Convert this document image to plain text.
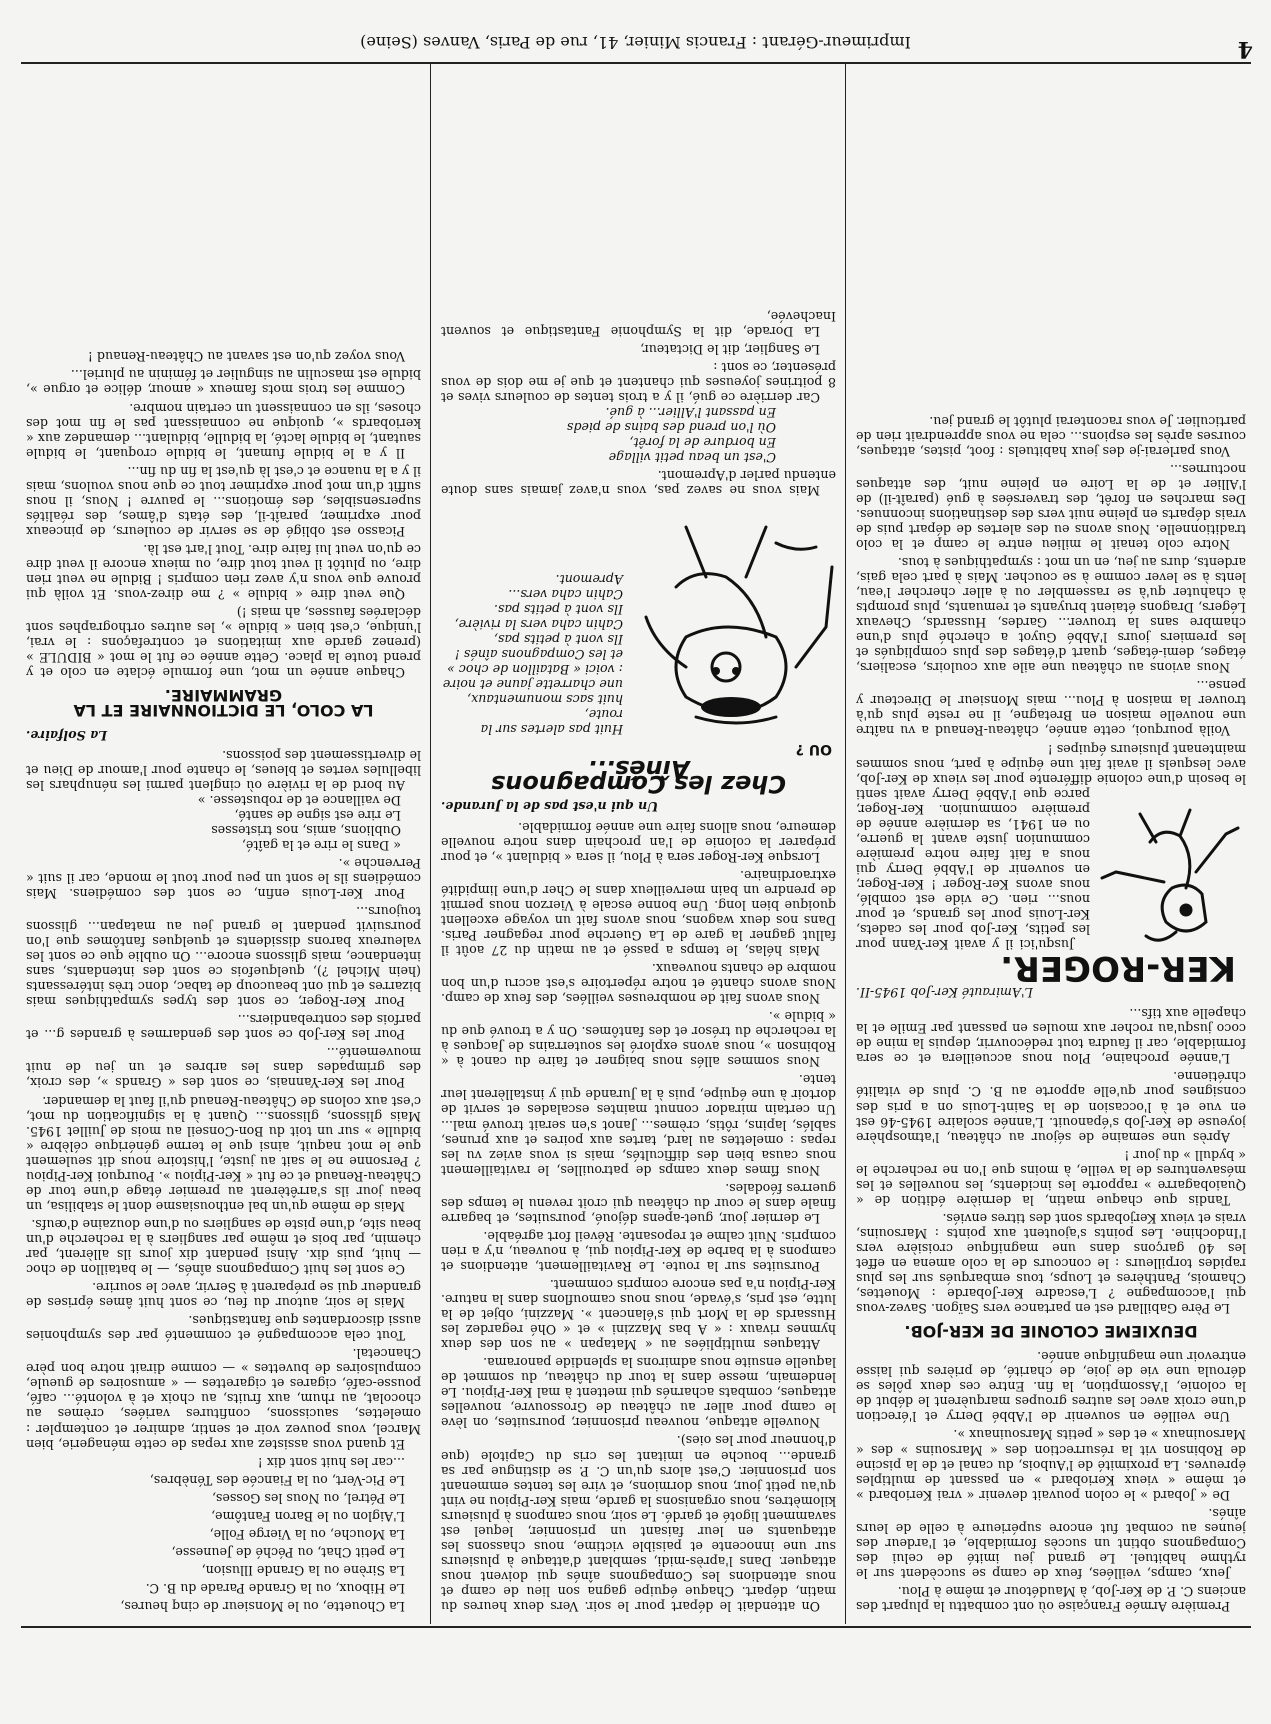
4

Première Armée Française où ont combattu la plupart des anciens C. P. de Ker-Job, à Maudétour et même à Plou.

Jeux, camps, veillées, feux de camp se succèdent sur le rythme habituel. Le grand jeu imité de celui des Compagnons obtint un succès formidable, et l'ardeur des jeunes au combat fut encore supérieure à celle de leurs aînés.

De « Jobard » le colon pouvait devenir « vrai Keriobard » et même « vieux Keriobard » en passant de multiples épreuves. La proximité de l'Aubois, du canal et de la piscine de Robinson vit la résurrection des « Marsouins » des « Marsouinaux » et des « petits Marsouinaux ».

Une veillée en souvenir de l'Abbé Derry et l'érection d'une croix avec les autres groupes marquèrent le début de la colonie, l'Assomption, la fin. Entre ces deux pôles se déroula une vie de joie, de charité, de prières qui laisse entrevoir une magnifique année.

DEUXIEME COLONIE DE KER-JOB.

Le Père Gabillard est en partance vers Saïgon. Savez-vous qui l'accompagne ? L'escadre Ker-Jobarde : Mouettes, Chamois, Panthères et Loups, tous embarqués sur les plus rapides torpilleurs : le concours de la colo amena en effet les 40 garçons dans une magnifique croisière vers l'Indochine. Les points s'ajoutent aux points : Marsouins, vrais et vieux Kerjobards sont des titres enviés.

Tandis que chaque matin, la dernière édition de « Quaiobagarre » rapporte les incidents, les nouvelles et les mésaventures de la veille, à moins que l'on ne recherche le « bydull » du jour !

Après une semaine de séjour au château, l'atmosphère joyeuse de Ker-Job s'épanouit. L'année scolaire 1945-46 est en vue et à l'occasion de la Saint-Louis on a pris des consignes pour qu'elle apporte au B. C. plus de vitalité chrétienne.

L'année prochaine, Plou nous accueillera et ce sera formidable, car il faudra tout redécouvrir, depuis la mine de coco jusqu'au rocher aux moules en passant par Emile et la chapelle aux tifs...

L'Amirauté Ker-Job 1945-II.
KER-ROGER.

Jusqu'ici il y avait Ker-Yann pour les petits, Ker-Job pour les cadets, Ker-Louis pour les grands, et pour nous... rien. Ce vide est comblé, nous avons Ker-Roger ! Ker-Roger, en souvenir de l'Abbé Derry qui nous a fait faire notre première communion juste avant la guerre, ou en 1941, sa dernière année de première communion. Ker-Roger, parce que l'Abbé Derry avait senti le besoin d'une colonie différente pour les vieux de Ker-Job, avec lesquels il avait fait une équipe à part, nous sommes maintenant plusieurs équipes !

Voilà pourquoi, cette année, château-Renaud a vu naître une nouvelle maison en Bretagne, il ne reste plus qu'à trouver la maison à Plou... mais Monsieur le Directeur y pense...

Nous avions au château une aile aux couloirs, escaliers, étages, demi-étages, quart d'étages des plus compliqués et les premiers jours l'Abbé Guyot a cherché plus d'une chambre sans la trouver... Gardes, Hussards, Chevaux Légers, Dragons étaient bruyants et remuants, plus prompts à chahuter qu'à se rassembler ou à aller chercher l'eau, lents à se lever comme à se coucher. Mais à part cela gais, ardents, durs au jeu, en un mot : sympathiques à tous.

Notre colo tenait le milieu entre le camp et la colo traditionnelle. Nous avons eu des alertes de départ puis de vrais départs en pleine nuit vers des destinations inconnues. Des marches en forêt, des traversées à gué (paraît-il) de l'Allier et de la Loire en pleine nuit, des attaques nocturnes...

Vous parlerai-je des jeux habituels : foot, pistes, attaques, courses après les espions... cela ne vous apprendrait rien de particulier. Je vous raconterai plutôt le grand jeu.

On attendait le départ pour le soir. Vers deux heures du matin, départ. Chaque équipe gagna son lieu de camp et nous attendions les Compagnons aînés qui doivent nous attaquer. Dans l'après-midi, semblant d'attaque à plusieurs sur une innocente et paisible victime, nous chassons les attaquants en leur faisant un prisonnier, lequel est savamment ligoté et gardé. Le soir, nous campons à plusieurs kilomètres, nous organisons la garde, mais Ker-Pipiou ne vint qu'au petit jour, nous dormions, et vire les tentes emmenant son prisonnier. C'est alors qu'un C. P. se distingue par sa grande... bouche en imitant les cris du Capitole (que d'honneur pour les oies).

Nouvelle attaque, nouveau prisonnier, poursuites, on lève le camp pour aller au château de Grossouvre, nouvelles attaques, combats acharnés qui mettent à mal Ker-Pipiou. Le lendemain, messe dans la tour du château, du sommet de laquelle ensuite nous admirons la splendide panorama.

Attaques multipliées au « Matapan » au son des deux hymnes rivaux : « A bas Mazzini » et « Ohé regardez les Hussards de la Mort qui s'élancent ». Mazzini, objet de la lutte, est pris, s'évade, nous nous camouflons dans la nature. Ker-Pipiou n'a pas encore compris comment.

Poursuites sur la route. Le Ravitaillement, attendions et campons à la barbe de Ker-Pipiou qui, à nouveau, n'y a rien compris. Nuit calme et reposante. Réveil fort agréable.

Le dernier jour, guet-apens déjoué, poursuites, et bagarre finale dans le cour du château qui croit revenu le temps des guerres féodales.

Nous fîmes deux camps de patrouilles, le ravitaillement nous causa bien des difficultés, mais si vous aviez vu les repas : omelettes au lard, tartes aux poires et aux prunes, sablés, lapins, rôtis, crèmes... Janot s'en serait trouvé mal... Un certain mirador connut maintes escalades et servit de dortoir à une équipe, puis à la Jurande qui y installèrent leur tente.

Nous sommes allés nous baigner et faire du canot à « Robinson », nous avons exploré les souterrains de Jacques à la recherche du trésor et des fantômes. On y a trouvé que du « bidule ».

Nous avons fait de nombreuses veillées, des feux de camp. Nous avons chanté et notre répertoire s'est accru d'un bon nombre de chants nouveaux.

Mais hélas, le temps a passé et au matin du 27 août il fallut gagner la gare de La Guerche pour regagner Paris. Dans nos deux wagons, nous avons fait un voyage excellent quoique bien long. Une bonne escale à Vierzon nous permit de prendre un bain merveilleux dans le Cher d'une limpidité extraordinaire.

Lorsque Ker-Roger sera à Plou, il sera « bidulant », et pour préparer la colonie de l'an prochain dans notre nouvelle demeure, nous allons faire une année formidable.

Un qui n'est pas de la Jurande.
Chez les Compagnons Aînés...
OU ?
Huit pas alertes sur la route,
huit sacs monumentaux, une charrette jaune et noire : voici « Bataillon de choc » et les Compagnons aînés !
Ils vont à petits pas,
Cahin caha vers la rivière,
Ils vont à petits pas.
Cahin caha vers... Apremont.

Mais vous ne savez pas, vous n'avez jamais sans doute entendu parler d'Apremont.

C'est un beau petit village
En bordure de la forêt,
Où l'on prend des bains de pieds
En passant l'Allier... à gué.

Car derrière ce gué, il y a trois tentes de couleurs vives et 8 poitrines joyeuses qui chantent et que je me dois de vous présenter, ce sont :

Le Sanglier, dit le Dictateur,

La Dorade, dit la Symphonie Fantastique et souvent Inachevée,

La Chouette, ou le Monsieur de cinq heures,

Le Hiboux, ou la Grande Parade du B. C.

La Sirène ou la Grande Illusion,

Le petit Chat, ou Péché de Jeunesse,

La Mouche, ou la Vierge Folle,

L'Aiglon ou le Baron Fantôme,

Le Pétrel, ou Nous les Gosses,

Le Pic-Vert, ou la Fiancée des Ténèbres,

...car les huit sont dix !

Et quand vous assistez aux repas de cette ménagerie, bien Marcel, vous pouvez voir et sentir, admirer et contempler : omelettes, saucissons, confitures variées, crèmes au chocolat, au rhum, aux fruits, au choix et à volonté... café, pousse-café, cigares et cigarettes — « amusoires de gueule, compulsoires de buvettes » — comme dirait notre bon père Chancetal.

Tout cela accompagné et commenté par des symphonies aussi discordantes que fantastiques.

Mais le soir, autour du feu, ce sont huit âmes éprises de grandeur qui se préparent à Servir, avec le sourire.

Ce sont les huit Compagnons aînés, — le bataillon de choc — huit, puis dix. Ainsi pendant dix jours ils allèrent, par chemin, par bois et même par sangliers à la recherche d'un beau site, d'une piste de sangliers ou d'une douzaine d'œufs.

Mais de même qu'un bal enthousiasme dont le stabilisa, un beau jour ils s'arrêtèrent au premier étage d'une tour de Château-Renaud et ce fut « Ker-Pipiou ». Pourquoi Ker-Pipiou ? Personne ne le sait au juste, l'histoire nous dit seulement que le mot naquit, ainsi que le terme générique célèbre « bidulle » sur un toit du Bon-Conseil au mois de Juillet 1945. Mais glissons, glissons... Quant à la signification du mot, c'est aux colons de Château-Renaud qu'il faut la demander.

Pour les Ker-Yannais, ce sont des « Grands », des croix, des grimpades dans les arbres et un jeu de nuit mouvementé...

Pour les Ker-Job ce sont des gendarmes à grandes g... et parfois des contrebandiers...

Pour Ker-Roger, ce sont des types sympathiques mais bizarres et qui ont beaucoup de tabac, donc très intéressants (hein Michel ?), quelquefois ce sont des intendants, sans intendance, mais glissons encore... On oublie que ce sont les valeureux barons dissidents et quelques fantômes que l'on poursuivit pendant le grand jeu au matapan... glissons toujours...

Pour Ker-Louis enfin, ce sont des comédiens. Mais comédiens ils le sont un peu pour tout le monde, car il suit « Pervenche ».

« Dans le rire et la gaîté,
Oublions, amis, nos tristesses
Le rire est signe de santé,
De vaillance et de robustesse. »

Au bord de la rivière où cinglent parmi les nénuphars les libellules vertes et bleues, le chante pour l'amour de Dieu et le divertissement des poissons.

La Solfaire.
LA COLO, LE DICTIONNAIRE ET LA GRAMMAIRE.

Chaque année un mot, une formule éclate en colo et y prend toute la place. Cette année ce fut le mot « BIDULE » (prenez garde aux imitations et contrefaçons : le vrai, l'unique, c'est bien « bidule », les autres orthographes sont déclarées fausses, ah mais !)

Que veut dire « bidule » ? me direz-vous. Et voilà qui prouve que vous n'y avez rien compris ! Bidule ne veut rien dire, ou plutôt il veut tout dire, ou mieux encore il veut dire ce qu'on veut lui faire dire. Tout l'art est là.

Picasso est obligé de se servir de couleurs, de pinceaux pour exprimer, paraît-il, des états d'âmes, des réalités supersensibles, des émotions... le pauvre ! Nous, il nous suffit d'un mot pour exprimer tout ce que nous voulons, mais il y a la nuance et c'est là qu'est la fin du fin...

Il y a le bidule fumant, le bidule croquant, le bidule sautant, le bidule lacté, la bidulle, bidulant... demandez aux « keriobards », quoique ne connaissant pas le fin mot des choses, ils en connaissent un certain nombre.

Comme les trois mots fameux « amour, délice et orgue », bidule est masculin au singulier et féminin au pluriel...

Vous voyez qu'on est savant au Château-Renaud !

Imprimeur-Gérant : Francis Minier, 41, rue de Paris, Vanves (Seine)
